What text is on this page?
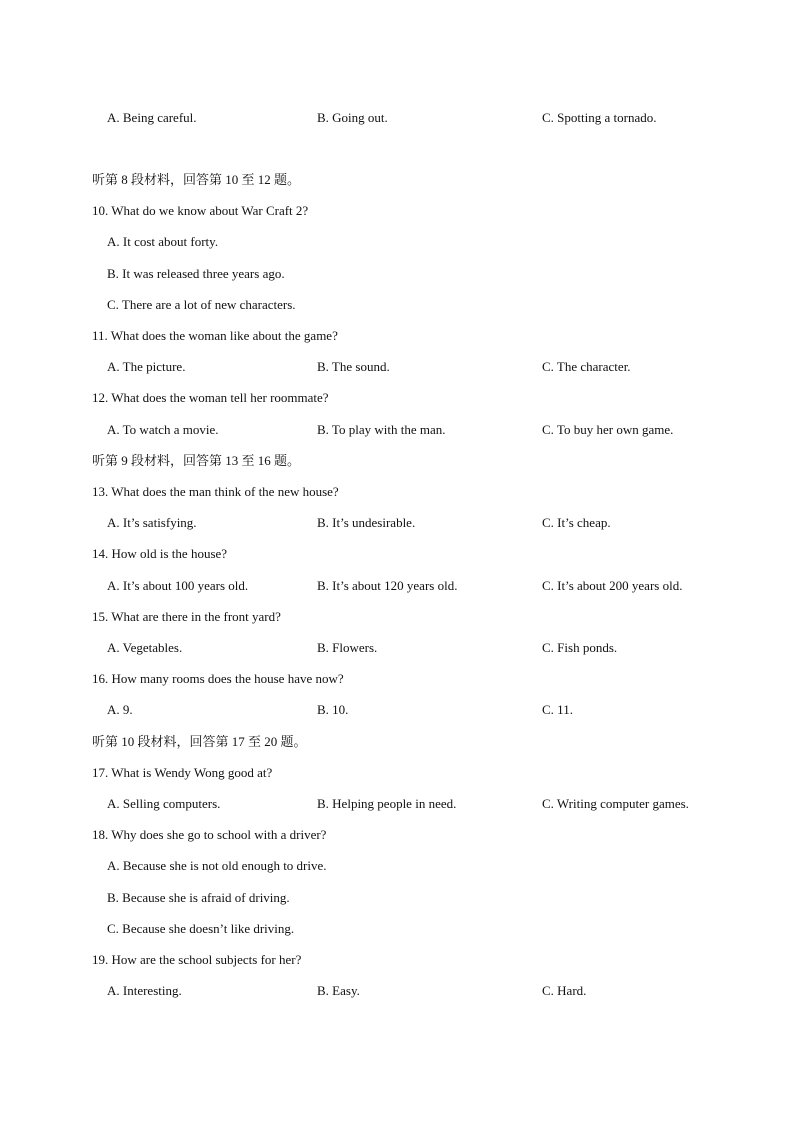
A. Being careful.	B. Going out.	C. Spotting a tornado.
听第 8 段材料，回答第 10 至 12 题。
10. What do we know about War Craft 2?
A. It cost about forty.
B. It was released three years ago.
C. There are a lot of new characters.
11. What does the woman like about the game?
A. The picture.	B. The sound.	C. The character.
12. What does the woman tell her roommate?
A. To watch a movie.	B. To play with the man.	C. To buy her own game.
听第 9 段材料，回答第 13 至 16 题。
13. What does the man think of the new house?
A. It’s satisfying.	B. It’s undesirable.	C. It’s cheap.
14. How old is the house?
A. It’s about 100 years old.	B. It’s about 120 years old.	C. It’s about 200 years old.
15. What are there in the front yard?
A. Vegetables.	B. Flowers.	C. Fish ponds.
16. How many rooms does the house have now?
A. 9.	B. 10.	C. 11.
听第 10 段材料，回答第 17 至 20 题。
17. What is Wendy Wong good at?
A. Selling computers.	B. Helping people in need.	C. Writing computer games.
18. Why does she go to school with a driver?
A. Because she is not old enough to drive.
B. Because she is afraid of driving.
C. Because she doesn’t like driving.
19. How are the school subjects for her?
A. Interesting.	B. Easy.	C. Hard.
